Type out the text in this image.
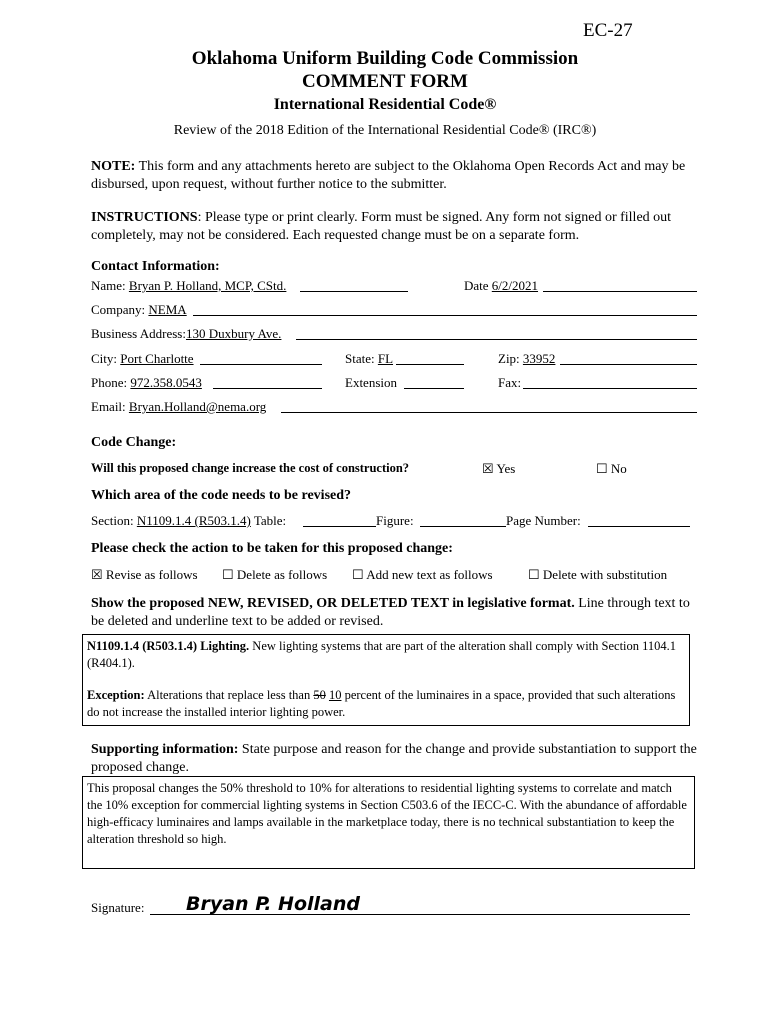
EC-27
Oklahoma Uniform Building Code Commission
COMMENT FORM
International Residential Code®
Review of the 2018 Edition of the International Residential Code® (IRC®)
NOTE: This form and any attachments hereto are subject to the Oklahoma Open Records Act and may be disbursed, upon request, without further notice to the submitter.
INSTRUCTIONS: Please type or print clearly. Form must be signed. Any form not signed or filled out completely, may not be considered. Each requested change must be on a separate form.
Contact Information:
Name: Bryan P. Holland, MCP, CStd.	Date 6/2/2021
Company: NEMA
Business Address:130 Duxbury Ave.
City: Port Charlotte	State: FL	Zip: 33952
Phone: 972.358.0543	Extension	Fax:
Email: Bryan.Holland@nema.org
Code Change:
Will this proposed change increase the cost of construction?	☒ Yes	☐ No
Which area of the code needs to be revised?
Section: N1109.1.4 (R503.1.4) Table:	Figure:	Page Number:
Please check the action to be taken for this proposed change:
☒ Revise as follows ☐ Delete as follows ☐ Add new text as follows	☐ Delete with substitution
Show the proposed NEW, REVISED, OR DELETED TEXT in legislative format. Line through text to be deleted and underline text to be added or revised.
N1109.1.4 (R503.1.4) Lighting. New lighting systems that are part of the alteration shall comply with Section 1104.1 (R404.1).
Exception: Alterations that replace less than 50 10 percent of the luminaires in a space, provided that such alterations do not increase the installed interior lighting power.
Supporting information: State purpose and reason for the change and provide substantiation to support the proposed change.
This proposal changes the 50% threshold to 10% for alterations to residential lighting systems to correlate and match the 10% exception for commercial lighting systems in Section C503.6 of the IECC-C. With the abundance of affordable high-efficacy luminaires and lamps available in the marketplace today, there is no technical substantiation to keep the alteration threshold so high.
Signature: Bryan P. Holland
